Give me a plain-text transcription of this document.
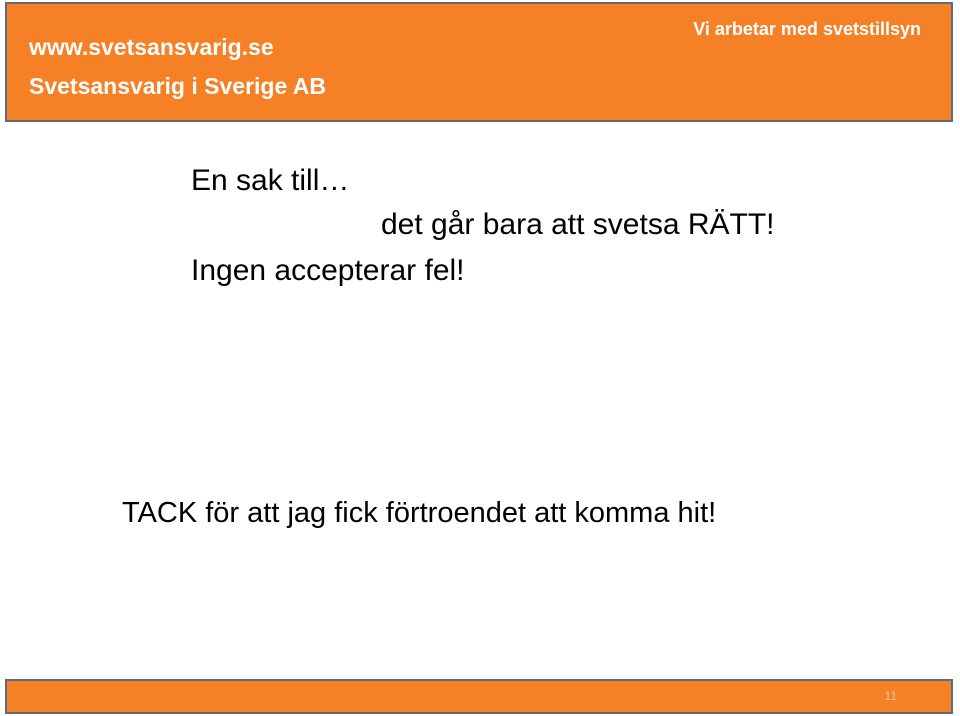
www.svetsansvarig.se
Svetsansvarig i Sverige AB
Vi arbetar med svetstillsyn
En sak till…
det går bara att svetsa RÄTT!
Ingen accepterar fel!
TACK för att jag fick förtroendet att komma hit!
11
